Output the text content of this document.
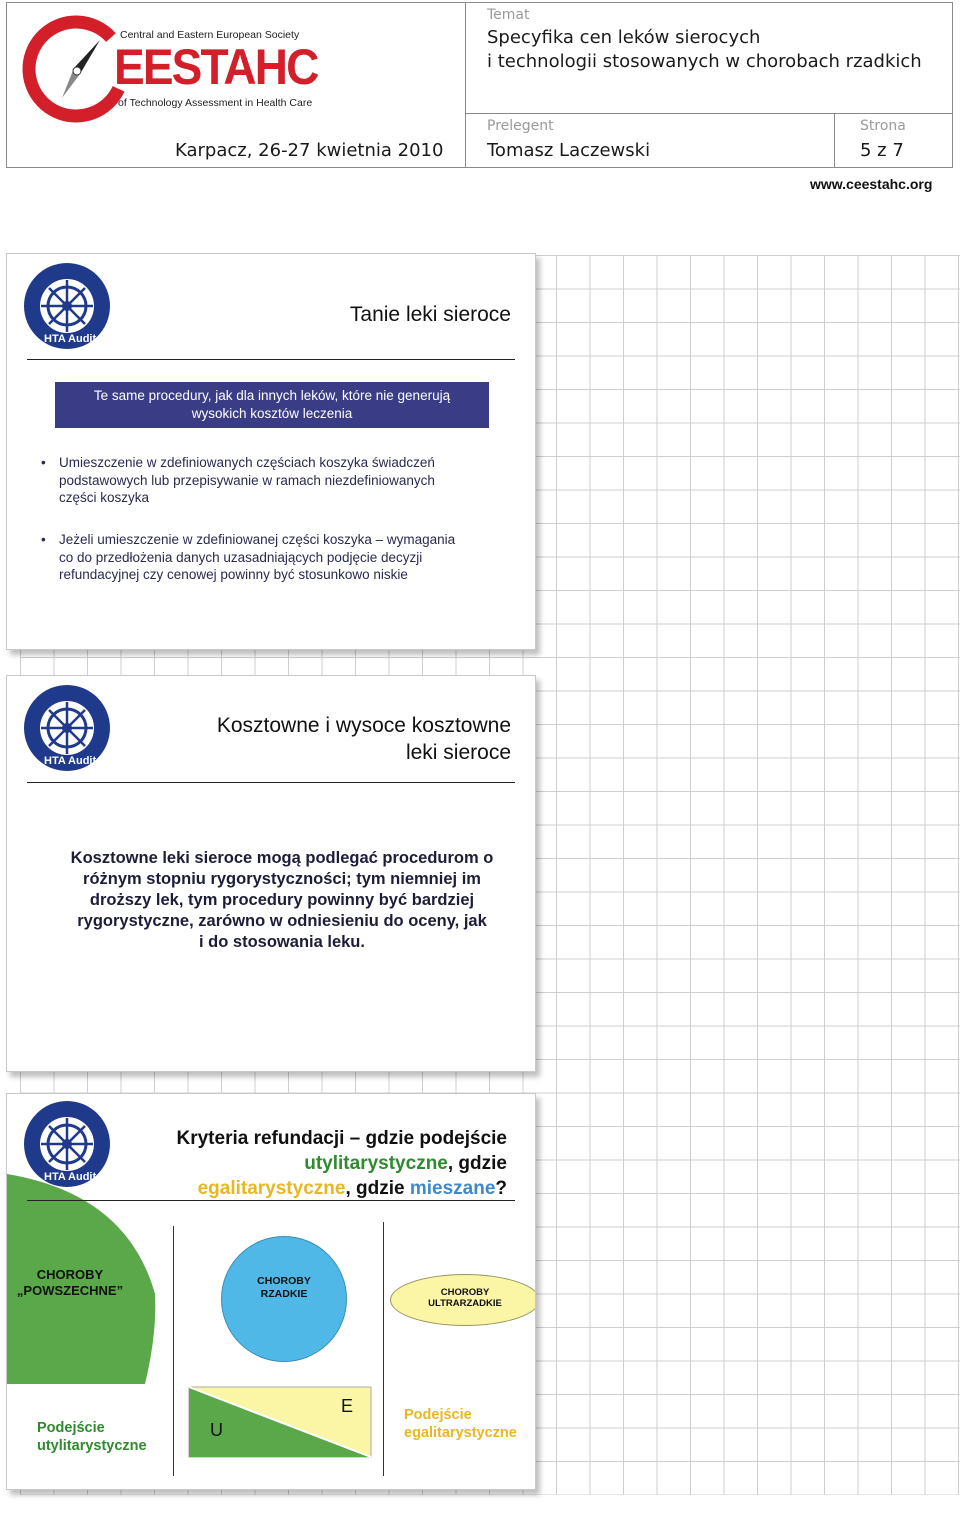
Central and Eastern European Society
EESTAHC
of Technology Assessment in Health Care
Karpacz, 26-27 kwietnia 2010
Temat
Specyfika cen leków sierocych
i technologii stosowanych w chorobach rzadkich
Prelegent
Tomasz Laczewski
Strona
5 z 7
www.ceestahc.org
HTA Audit
Tanie leki sieroce
Te same procedury, jak dla innych leków, które nie generują
wysokich kosztów leczenia
• Umieszczenie w zdefiniowanych częściach koszyka świadczeń
podstawowych lub przepisywanie w ramach niezdefiniowanych
części koszyka
• Jeżeli umieszczenie w zdefiniowanej części koszyka – wymagania
co do przedłożenia danych uzasadniających podjęcie decyzji
refundacyjnej czy cenowej powinny być stosunkowo niskie
HTA Audit
Kosztowne i wysoce kosztowne
leki sieroce
Kosztowne leki sieroce mogą podlegać procedurom o
różnym stopniu rygorystyczności; tym niemniej im
droższy lek, tym procedury powinny być bardziej
rygorystyczne, zarówno w odniesieniu do oceny, jak
i do stosowania leku.
HTA Audit
Kryteria refundacji – gdzie podejście
utylitarystyczne, gdzie
egalitarystyczne, gdzie mieszane?
CHOROBY
„POWSZECHNE”
CHOROBY
RZADKIE	CHOROBY
ULTRARZADKIE
U
E
Podejście
utylitarystyczne
Podejście
egalitarystyczne
